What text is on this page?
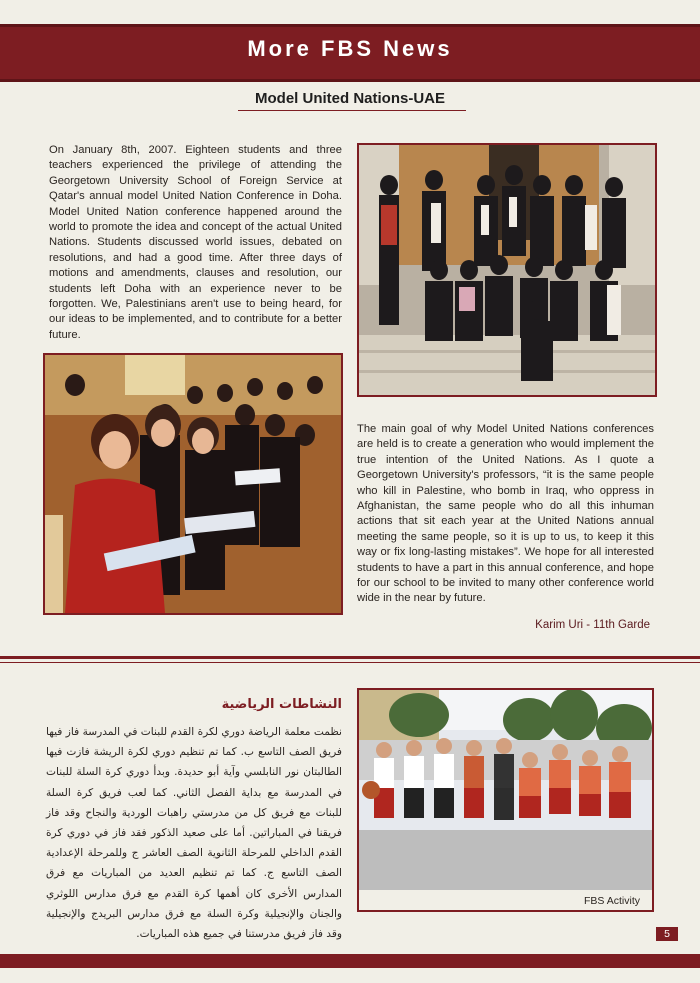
More FBS News
Model United Nations-UAE
On January 8th, 2007. Eighteen students and three teachers experienced the privilege of attending the Georgetown University School of Foreign Service at Qatar's annual model United Nation Conference in Doha. Model United Nation conference happened around the world to promote the idea and concept of the actual United Nations. Students discussed world issues, debated on resolutions, and had a good time. After three days of motions and amendments, clauses and resolution, our students left Doha with an experience never to be forgotten. We, Palestinians aren't use to being heard, for our ideas to be implemented, and to contribute for a better future.
The main goal of why Model United Nations conferences are held is to create a generation who would implement the true intention of the United Nations. As I quote a Georgetown University's professors, “it is the same people who kill in Palestine, who bomb in Iraq, who oppress in Afghanistan, the same people who do all this inhuman actions that sit each year at the United Nations annual meeting the same people, so it is up to us, to keep it this way or fix long-lasting mistakes”. We hope for all interested students to have a part in this annual conference, and hope for our school to be invited to many other conference world wide in the near by future.
Karim Uri - 11th Garde
النشاطات الرياضية
نظمت معلمة الرياضة دوري لكرة القدم للبنات في المدرسة فاز فيها فريق الصف التاسع ب. كما تم تنظيم دوري لكرة الريشة فازت فيها الطالبتان نور النابلسي وآية أبو حديدة. وبدأ دوري كرة السلة للبنات في المدرسة مع بداية الفصل الثاني. كما لعب فريق كرة السلة للبنات مع فريق كل من مدرستي راهبات الوردية والنجاح وقد فاز فريقنا في المباراتين. أما على صعيد الذكور فقد فاز في دوري كرة القدم الداخلي للمرحلة الثانوية الصف العاشر ج وللمرحلة الإعدادية الصف التاسع ج. كما تم تنظيم العديد من المباريات مع فرق المدارس الأخرى كان أهمها كرة القدم مع فرق مدارس اللوثري والجنان والإنجيلية وكرة السلة مع فرق مدارس البريدج والإنجيلية وقد فاز فريق مدرستنا في جميع هذه المباريات.
FBS Activity
5
